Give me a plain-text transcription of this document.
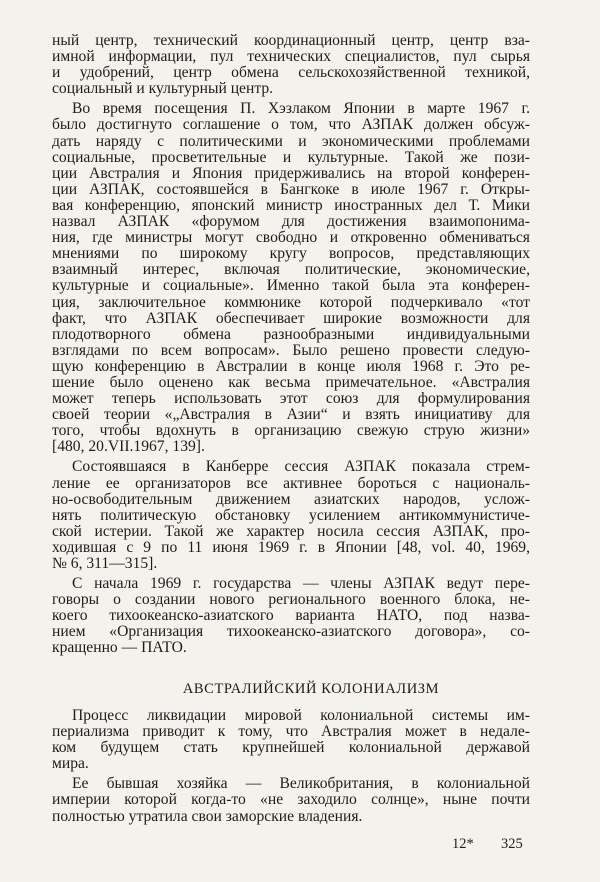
ный центр, технический координационный центр, центр вза-
имной информации, пул технических специалистов, пул сырья
и удобрений, центр обмена сельскохозяйственной техникой,
социальный и культурный центр.
Во время посещения П. Хэзлаком Японии в марте 1967 г.
было достигнуто соглашение о том, что АЗПАК должен обсуж-
дать наряду с политическими и экономическими проблемами
социальные, просветительные и культурные. Такой же пози-
ции Австралия и Япония придерживались на второй конферен-
ции АЗПАК, состоявшейся в Бангкоке в июле 1967 г. Откры-
вая конференцию, японский министр иностранных дел Т. Мики
назвал АЗПАК «форумом для достижения взаимопонима-
ния, где министры могут свободно и откровенно обмениваться
мнениями по широкому кругу вопросов, представляющих
взаимный интерес, включая политические, экономические,
культурные и социальные». Именно такой была эта конферен-
ция, заключительное коммюнике которой подчеркивало «тот
факт, что АЗПАК обеспечивает широкие возможности для
плодотворного обмена разнообразными индивидуальными
взглядами по всем вопросам». Было решено провести следую-
щую конференцию в Австралии в конце июля 1968 г. Это ре-
шение было оценено как весьма примечательное. «Австралия
может теперь использовать этот союз для формулирования
своей теории «„Австралия в Азии“ и взять инициативу для
того, чтобы вдохнуть в организацию свежую струю жизни»
[480, 20.VII.1967, 139].
Состоявшаяся в Канберре сессия АЗПАК показала стрем-
ление ее организаторов все активнее бороться с националь-
но-освободительным движением азиатских народов, услож-
нять политическую обстановку усилением антикоммунистиче-
ской истерии. Такой же характер носила сессия АЗПАК, про-
ходившая с 9 по 11 июня 1969 г. в Японии [48, vol. 40, 1969,
№ 6, 311—315].
С начала 1969 г. государства — члены АЗПАК ведут пере-
говоры о создании нового регионального военного блока, не-
коего тихоокеанско-азиатского варианта НАТО, под назва-
нием «Организация тихоокеанско-азиатского договора», со-
кращенно — ПАТО.
АВСТРАЛИЙСКИЙ КОЛОНИАЛИЗМ
Процесс ликвидации мировой колониальной системы им-
периализма приводит к тому, что Австралия может в недале-
ком будущем стать крупнейшей колониальной державой
мира.
Ее бывшая хозяйка — Великобритания, в колониальной
империи которой когда-то «не заходило солнце», ныне почти
полностью утратила свои заморские владения.
12* 325
